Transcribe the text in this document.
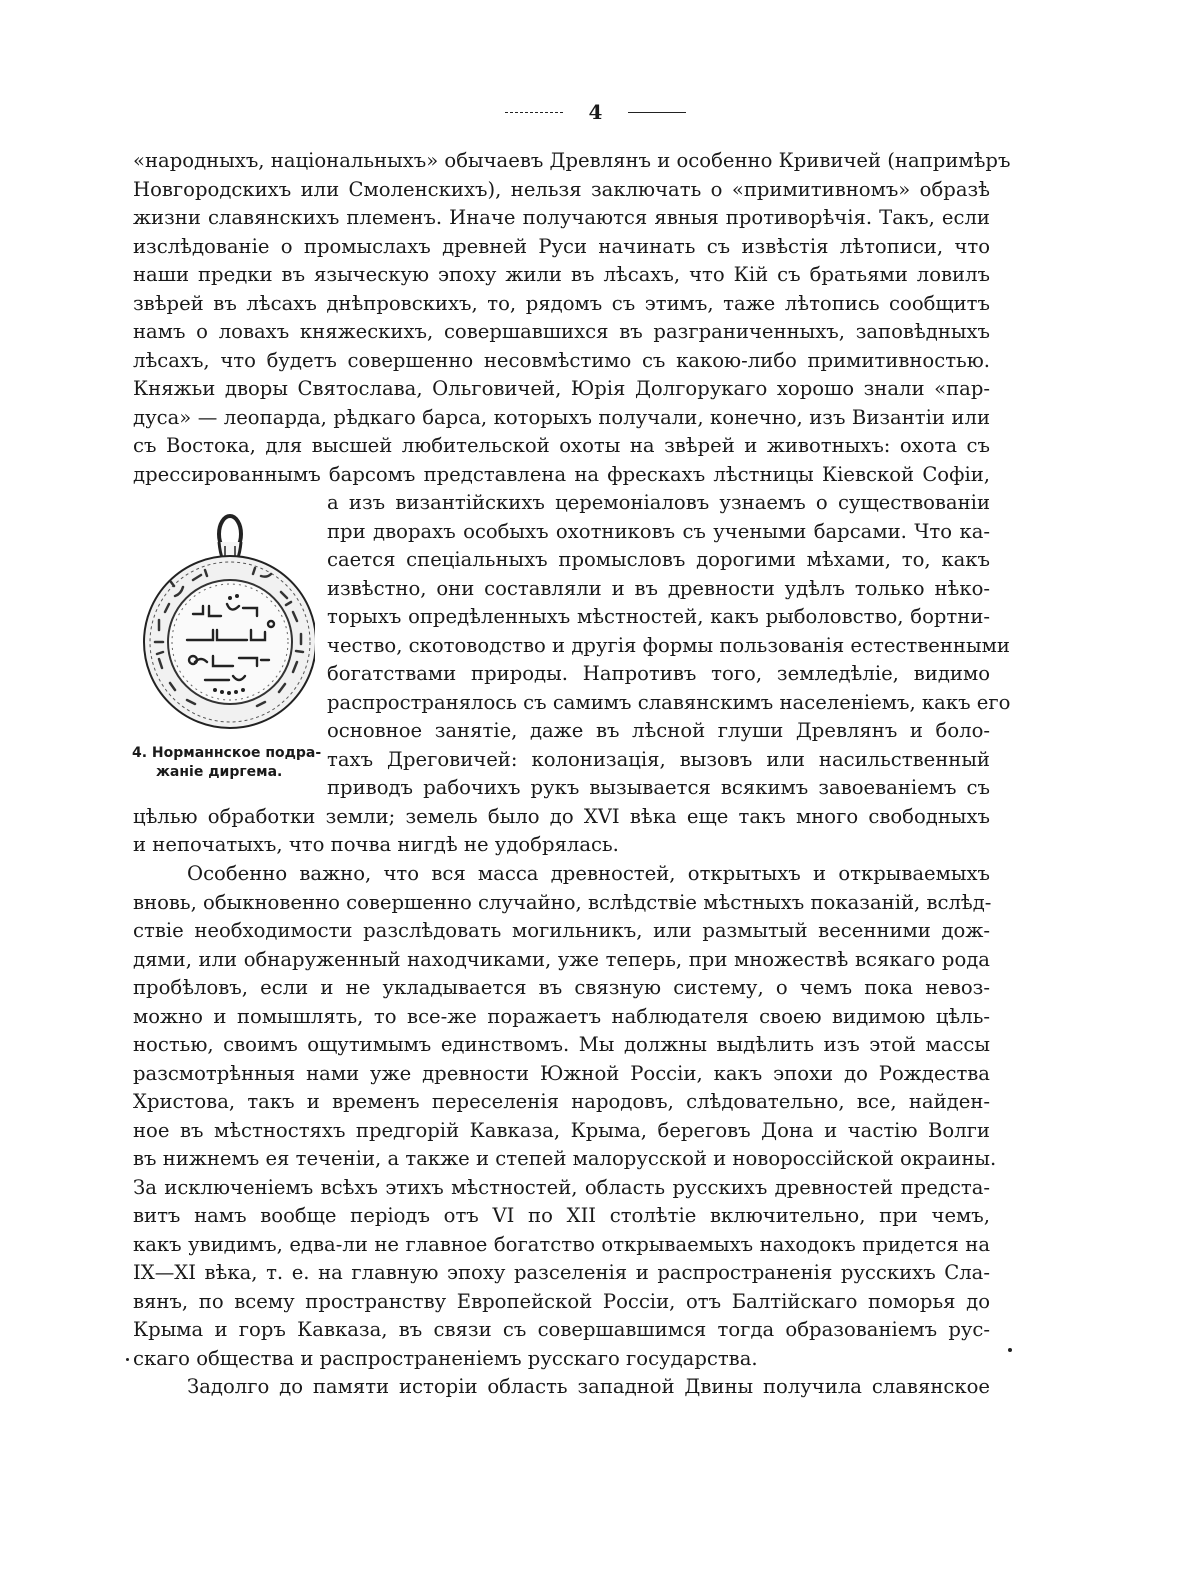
4
«народныхъ, національныхъ» обычаевъ Древлянъ и особенно Кривичей (напримѣръ
Новгородскихъ или Смоленскихъ), нельзя заключать о «примитивномъ» образѣ
жизни славянскихъ племенъ. Иначе получаются явныя противорѣчія. Такъ, если
изслѣдованіе о промыслахъ древней Руси начинать съ извѣстія лѣтописи, что
наши предки въ языческую эпоху жили въ лѣсахъ, что Кій съ братьями ловилъ
звѣрей въ лѣсахъ днѣпровскихъ, то, рядомъ съ этимъ, таже лѣтопись сообщитъ
намъ о ловахъ княжескихъ, совершавшихся въ разграниченныхъ, заповѣдныхъ
лѣсахъ, что будетъ совершенно несовмѣстимо съ какою-либо примитивностью.
Княжьи дворы Святослава, Ольговичей, Юрія Долгорукаго хорошо знали «пар-
дуса» — леопарда, рѣдкаго барса, которыхъ получали, конечно, изъ Византіи или
съ Востока, для высшей любительской охоты на звѣрей и животныхъ: охота съ
дрессированнымъ барсомъ представлена на фрескахъ лѣстницы Кіевской Софіи,
а изъ византійскихъ церемоніаловъ узнаемъ о существованіи
при дворахъ особыхъ охотниковъ съ учеными барсами. Что ка-
сается спеціальныхъ промысловъ дорогими мѣхами, то, какъ
извѣстно, они составляли и въ древности удѣлъ только нѣко-
торыхъ опредѣленныхъ мѣстностей, какъ рыболовство, бортни-
чество, скотоводство и другія формы пользованія естественными
богатствами природы. Напротивъ того, земледѣліе, видимо
распространялось съ самимъ славянскимъ населеніемъ, какъ его
основное занятіе, даже въ лѣсной глуши Древлянъ и боло-
тахъ Дреговичей: колонизація, вызовъ или насильственный
приводъ рабочихъ рукъ вызывается всякимъ завоеваніемъ съ
цѣлью обработки земли; земель было до XVI вѣка еще такъ много свободныхъ
и непочатыхъ, что почва нигдѣ не удобрялась.
Особенно важно, что вся масса древностей, открытыхъ и открываемыхъ
вновь, обыкновенно совершенно случайно, вслѣдствіе мѣстныхъ показаній, вслѣд-
ствіе необходимости разслѣдовать могильникъ, или размытый весенними дож-
дями, или обнаруженный находчиками, уже теперь, при множествѣ всякаго рода
пробѣловъ, если и не укладывается въ связную систему, о чемъ пока невоз-
можно и помышлять, то все-же поражаетъ наблюдателя своею видимою цѣль-
ностью, своимъ ощутимымъ единствомъ. Мы должны выдѣлить изъ этой массы
разсмотрѣнныя нами уже древности Южной Россіи, какъ эпохи до Рождества
Христова, такъ и временъ переселенія народовъ, слѣдовательно, все, найден-
ное въ мѣстностяхъ предгорій Кавказа, Крыма, береговъ Дона и частію Волги
въ нижнемъ ея теченіи, а также и степей малорусской и новороссійской окраины.
За исключеніемъ всѣхъ этихъ мѣстностей, область русскихъ древностей предста-
витъ намъ вообще періодъ отъ VI по XII столѣтіе включительно, при чемъ,
какъ увидимъ, едва-ли не главное богатство открываемыхъ находокъ придется на
IX—XI вѣка, т. е. на главную эпоху разселенія и распространенія русскихъ Сла-
вянъ, по всему пространству Европейской Россіи, отъ Балтійскаго поморья до
Крыма и горъ Кавказа, въ связи съ совершавшимся тогда образованіемъ рус-
скаго общества и распространеніемъ русскаго государства.
Задолго до памяти исторіи область западной Двины получила славянское
4. Норманнское подра-
жаніе диргема.
